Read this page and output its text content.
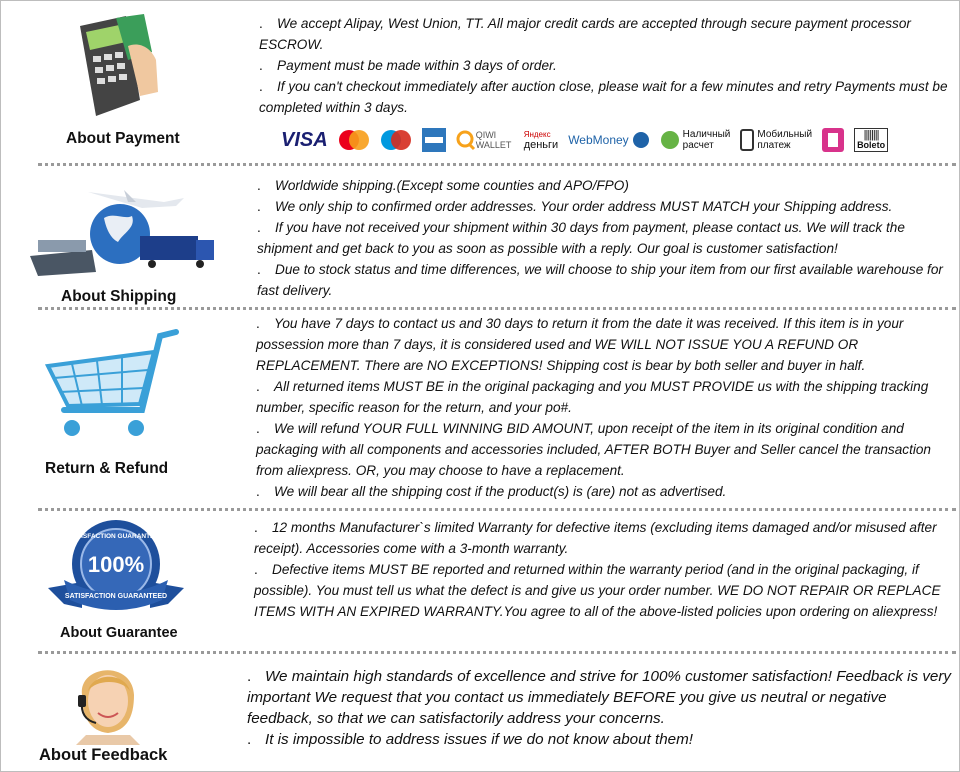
About Payment

. We accept Alipay, West Union, TT. All major credit cards are accepted through secure payment processor ESCROW.

. Payment must be made within 3 days of order.

. If you can't checkout immediately after auction close, please wait for a few minutes and retry Payments must be completed within 3 days.

VISA	QIWI WALLET
Яндекс
деньги WebMoney	Наличный
расчет
Мобильный
платеж
||||||||
Boleto
About Shipping

. Worldwide shipping.(Except some counties and APO/FPO)

. We only ship to confirmed order addresses. Your order address MUST MATCH your Shipping address.

. If you have not received your shipment within 30 days from payment, please contact us. We will track the shipment and get back to you as soon as possible with a reply. Our goal is customer satisfaction!

. Due to stock status and time differences, we will choose to ship your item from our first available warehouse for fast delivery.

Return & Refund

. You have 7 days to contact us and 30 days to return it from the date it was received. If this item is in your possession more than 7 days, it is considered used and WE WILL NOT ISSUE YOU A REFUND OR REPLACEMENT. There are NO EXCEPTIONS! Shipping cost is bear by both seller and buyer in half.

. All returned items MUST BE in the original packaging and you MUST PROVIDE us with the shipping tracking number, specific reason for the return, and your po#.

. We will refund YOUR FULL WINNING BID AMOUNT, upon receipt of the item in its original condition and packaging with all components and accessories included, AFTER BOTH Buyer and Seller cancel the transaction from aliexpress. OR, you may choose to have a replacement.

. We will bear all the shipping cost if the product(s) is (are) not as advertised.

100%
SATISFACTION GUARANTEED
SATISFACTION GUARANTEED
About Guarantee

. 12 months Manufacturer`s limited Warranty for defective items (excluding items damaged and/or misused after receipt). Accessories come with a 3-month warranty.

. Defective items MUST BE reported and returned within the warranty period (and in the original packaging, if possible). You must tell us what the defect is and give us your order number. WE DO NOT REPAIR OR REPLACE ITEMS WITH AN EXPIRED WARRANTY.You agree to all of the above-listed policies upon ordering on aliexpress!

About Feedback

. We maintain high standards of excellence and strive for 100% customer satisfaction! Feedback is very important We request that you contact us immediately BEFORE you give us neutral or negative feedback, so that we can satisfactorily address your concerns.

. It is impossible to address issues if we do not know about them!
